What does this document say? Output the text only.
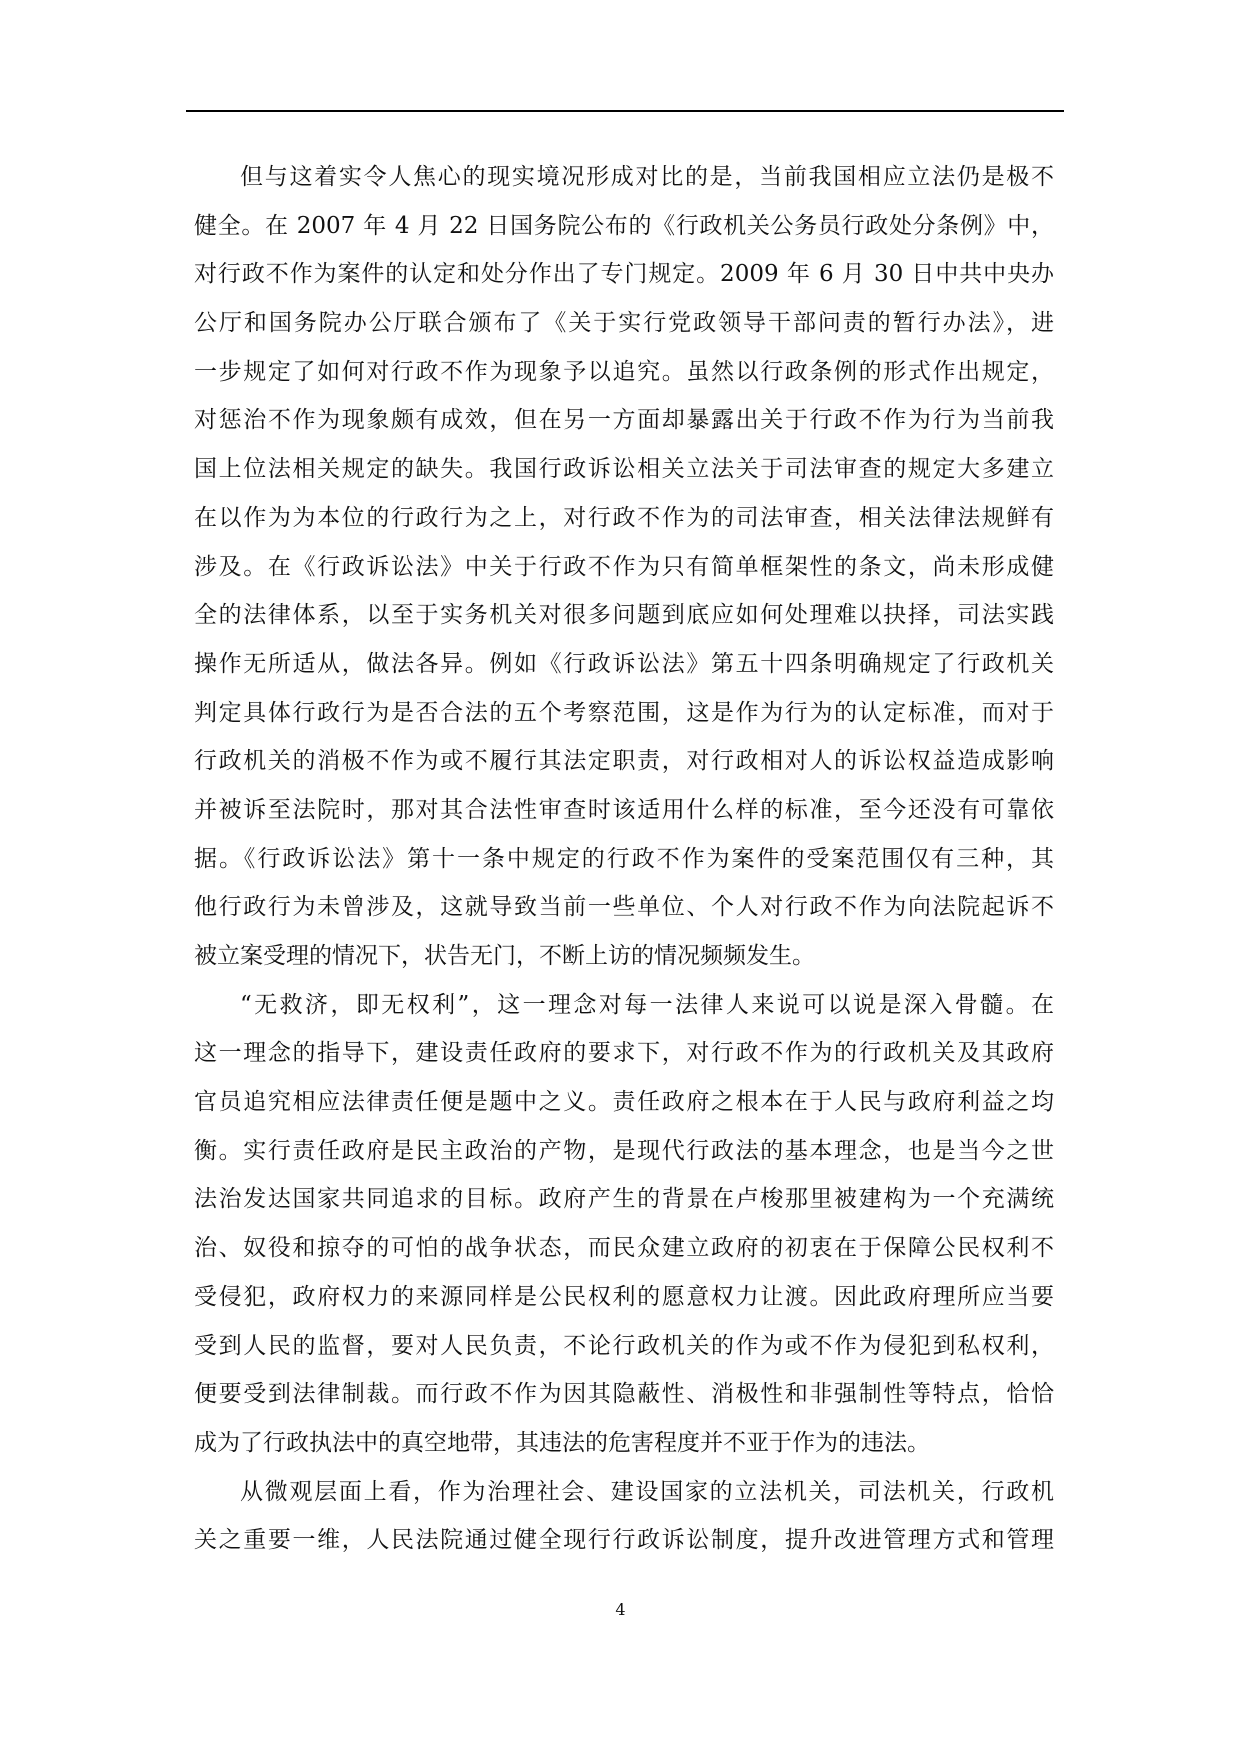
但与这着实令人焦心的现实境况形成对比的是，当前我国相应立法仍是极不
健全。在 2007 年 4 月 22 日国务院公布的《行政机关公务员行政处分条例》中，
对行政不作为案件的认定和处分作出了专门规定。2009 年 6 月 30 日中共中央办
公厅和国务院办公厅联合颁布了《关于实行党政领导干部问责的暂行办法》，进
一步规定了如何对行政不作为现象予以追究。虽然以行政条例的形式作出规定，
对惩治不作为现象颇有成效，但在另一方面却暴露出关于行政不作为行为当前我
国上位法相关规定的缺失。我国行政诉讼相关立法关于司法审查的规定大多建立
在以作为为本位的行政行为之上，对行政不作为的司法审查，相关法律法规鲜有
涉及。在《行政诉讼法》中关于行政不作为只有简单框架性的条文，尚未形成健
全的法律体系，以至于实务机关对很多问题到底应如何处理难以抉择，司法实践
操作无所适从，做法各异。例如《行政诉讼法》第五十四条明确规定了行政机关
判定具体行政行为是否合法的五个考察范围，这是作为行为的认定标准，而对于
行政机关的消极不作为或不履行其法定职责，对行政相对人的诉讼权益造成影响
并被诉至法院时，那对其合法性审查时该适用什么样的标准，至今还没有可靠依
据。《行政诉讼法》第十一条中规定的行政不作为案件的受案范围仅有三种，其
他行政行为未曾涉及，这就导致当前一些单位、个人对行政不作为向法院起诉不
被立案受理的情况下，状告无门，不断上访的情况频频发生。
“无救济，即无权利”，这一理念对每一法律人来说可以说是深入骨髓。在
这一理念的指导下，建设责任政府的要求下，对行政不作为的行政机关及其政府
官员追究相应法律责任便是题中之义。责任政府之根本在于人民与政府利益之均
衡。实行责任政府是民主政治的产物，是现代行政法的基本理念，也是当今之世
法治发达国家共同追求的目标。政府产生的背景在卢梭那里被建构为一个充满统
治、奴役和掠夺的可怕的战争状态，而民众建立政府的初衷在于保障公民权利不
受侵犯，政府权力的来源同样是公民权利的愿意权力让渡。因此政府理所应当要
受到人民的监督，要对人民负责，不论行政机关的作为或不作为侵犯到私权利，
便要受到法律制裁。而行政不作为因其隐蔽性、消极性和非强制性等特点，恰恰
成为了行政执法中的真空地带，其违法的危害程度并不亚于作为的违法。
从微观层面上看，作为治理社会、建设国家的立法机关，司法机关，行政机
关之重要一维，人民法院通过健全现行行政诉讼制度，提升改进管理方式和管理
4
